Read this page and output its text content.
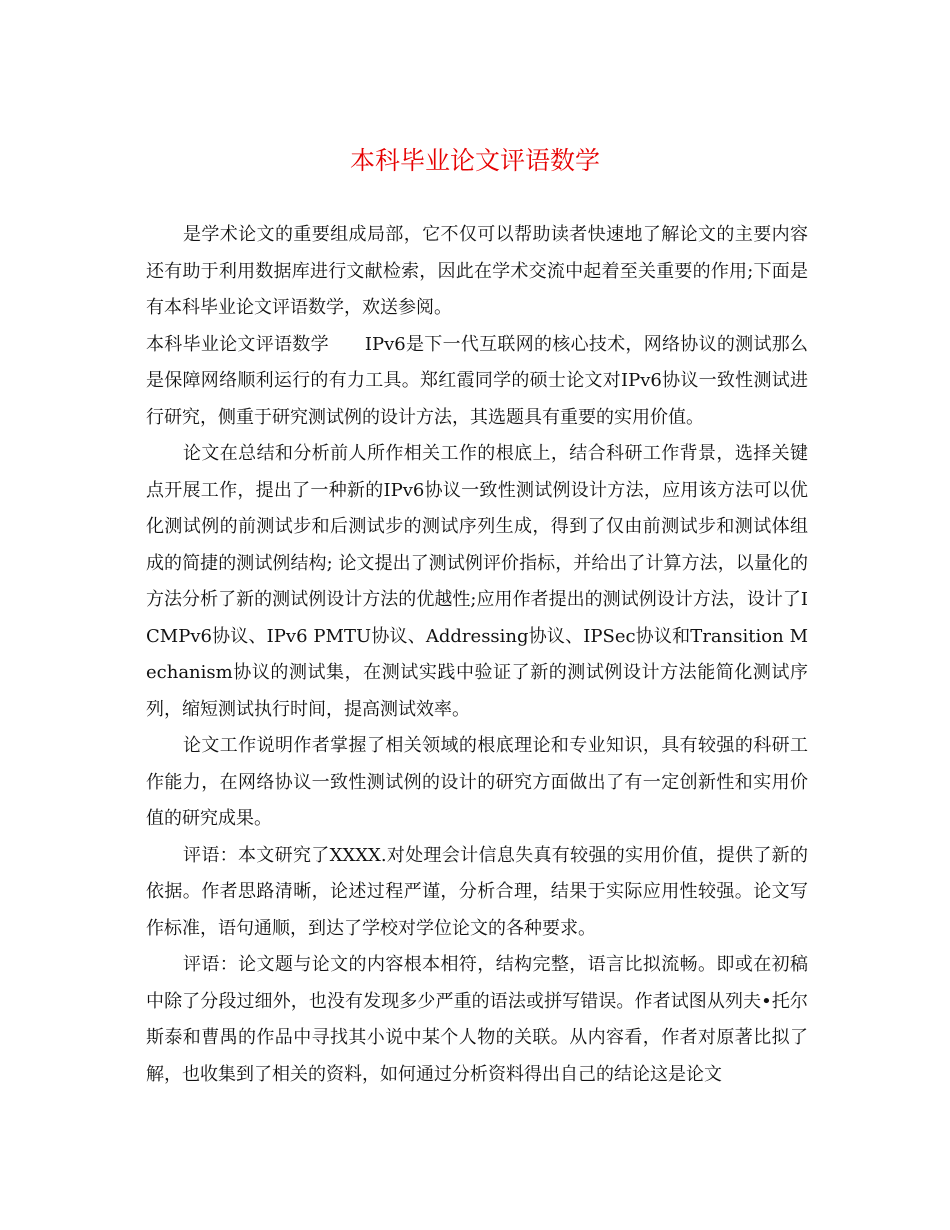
本科毕业论文评语数学

是学术论文的重要组成局部，它不仅可以帮助读者快速地了解论文的主要内容还有助于利用数据库进行文献检索，因此在学术交流中起着至关重要的作用;下面是有本科毕业论文评语数学，欢送参阅。

本科毕业论文评语数学 IPv6是下一代互联网的核心技术，网络协议的测试那么是保障网络顺利运行的有力工具。郑红霞同学的硕士论文对IPv6协议一致性测试进行研究，侧重于研究测试例的设计方法，其选题具有重要的实用价值。

论文在总结和分析前人所作相关工作的根底上，结合科研工作背景，选择关键点开展工作，提出了一种新的IPv6协议一致性测试例设计方法，应用该方法可以优化测试例的前测试步和后测试步的测试序列生成，得到了仅由前测试步和测试体组成的简捷的测试例结构; 论文提出了测试例评价指标，并给出了计算方法，以量化的方法分析了新的测试例设计方法的优越性;应用作者提出的测试例设计方法，设计了ICMPv6协议、IPv6 PMTU协议、Addressing协议、IPSec协议和Transition Mechanism协议的测试集，在测试实践中验证了新的测试例设计方法能简化测试序列，缩短测试执行时间，提高测试效率。

论文工作说明作者掌握了相关领域的根底理论和专业知识，具有较强的科研工作能力，在网络协议一致性测试例的设计的研究方面做出了有一定创新性和实用价值的研究成果。

评语：本文研究了XXXX.对处理会计信息失真有较强的实用价值，提供了新的依据。作者思路清晰，论述过程严谨，分析合理，结果于实际应用性较强。论文写作标准，语句通顺，到达了学校对学位论文的各种要求。

评语：论文题与论文的内容根本相符，结构完整，语言比拟流畅。即或在初稿中除了分段过细外，也没有发现多少严重的语法或拼写错误。作者试图从列夫•托尔斯泰和曹禺的作品中寻找其小说中某个人物的关联。从内容看，作者对原著比拟了解，也收集到了相关的资料，如何通过分析资料得出自己的结论这是论文
